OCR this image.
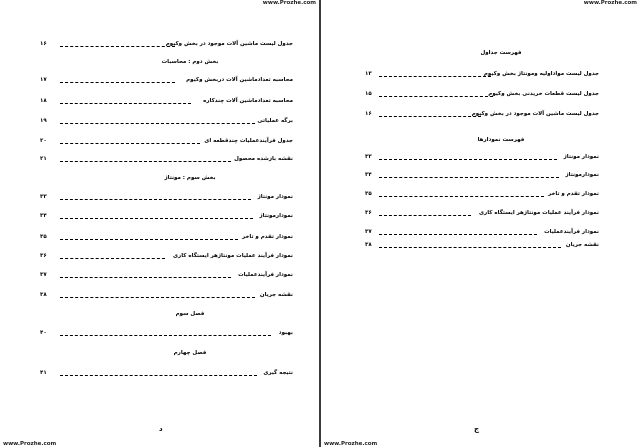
www.Prozhe.com
www.Prozhe.com
جدول لیست ماشین آلات موجود در بخش وکیوم
۱۶
بخش دوم : محاسبات
محاسبه تعدادماشین آلات دربخش وکیوم
۱۷
محاسبه تعدادماشین آلات چندکاره
۱۸
برگه عملیاتی
۱۹
جدول فرآیندعملیات چندقطعه ای
۲۰
نقشه بازشده محصول
۲۱
بخش سوم : مونتاژ
نمودار مونتاژ
۳۳
نمودارمونتاژ
۳۴
نمودار تقدم و تاخر
۳۵
نمودار فرآیند عملیات مونتاژهر ایستگاه کاری
۳۶
نمودار فرآیندعملیات
۳۷
نقشه جریان
۳۸
فصل سوم
بهبود
۴۰
فصل چهارم
نتیجه گیری
۴۱
د
www.Prozhe.com
www.Prozhe.com
فهرست جداول
جدول لیست مواداولیه ومونتاژ بخش وکیوم
۱۳
جدول لیست قطعات خریدنی بخش وکیوم
۱۵
جدول لیست ماشین آلات موجود در بخش وکیوم
۱۶
فهرست نمودارها
نمودار مونتاژ
۳۳
نمودارمونتاژ
۳۴
نمودار تقدم و تاخر
۳۵
نمودار فرآیند عملیات مونتاژهر ایستگاه کاری
۳۶
نمودار فرآیندعملیات
۳۷
نقشه جریان
۳۸
ج
